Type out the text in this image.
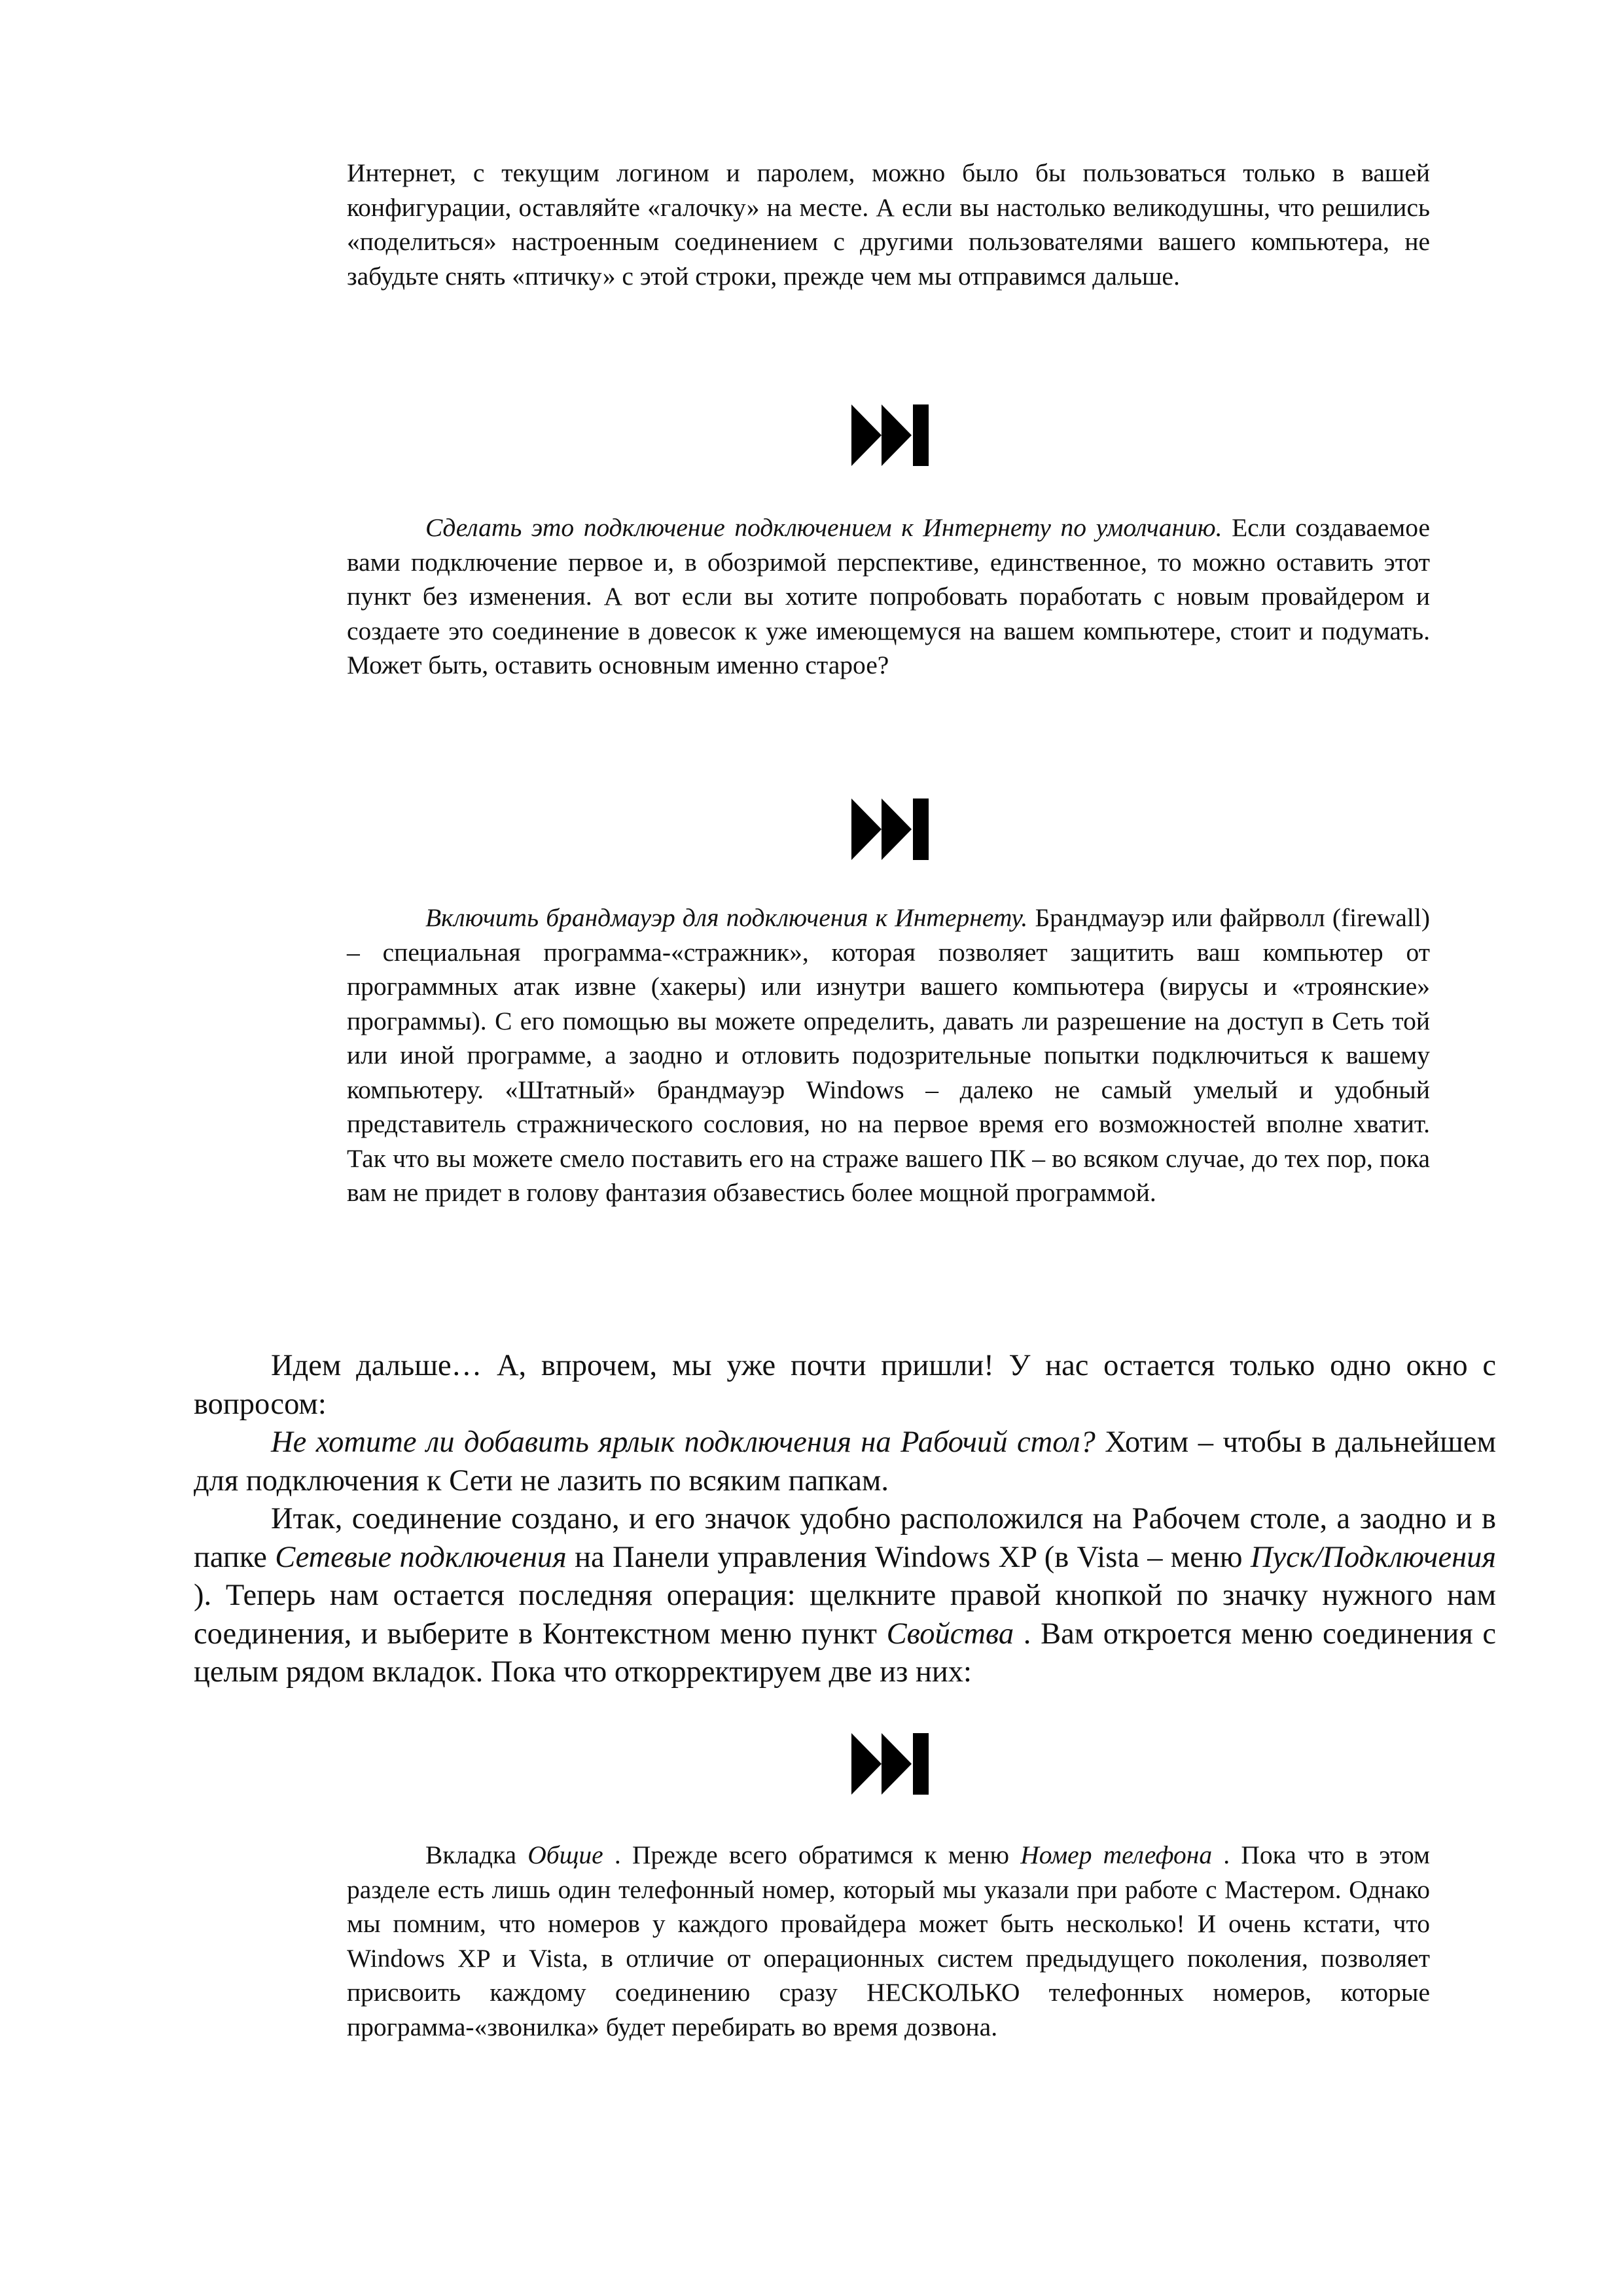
Интернет, с текущим логином и паролем, можно было бы пользоваться только в вашей конфигурации, оставляйте «галочку» на месте. А если вы настолько великодушны, что решились «поделиться» настроенным соединением с другими пользователями вашего компьютера, не забудьте снять «птичку» с этой строки, прежде чем мы отправимся дальше.

Сделать это подключение подключением к Интернету по умолчанию. Если создаваемое вами подключение первое и, в обозримой перспективе, единственное, то можно оставить этот пункт без изменения. А вот если вы хотите попробовать поработать с новым провайдером и создаете это соединение в довесок к уже имеющемуся на вашем компьютере, стоит и подумать. Может быть, оставить основным именно старое?

Включить брандмауэр для подключения к Интернету. Брандмауэр или файрволл (firewall) – специальная программа-«стражник», которая позволяет защитить ваш компьютер от программных атак извне (хакеры) или изнутри вашего компьютера (вирусы и «троянские» программы). С его помощью вы можете определить, давать ли разрешение на доступ в Сеть той или иной программе, а заодно и отловить подозрительные попытки подключиться к вашему компьютеру. «Штатный» брандмауэр Windows – далеко не самый умелый и удобный представитель стражнического сословия, но на первое время его возможностей вполне хватит. Так что вы можете смело поставить его на страже вашего ПК – во всяком случае, до тех пор, пока вам не придет в голову фантазия обзавестись более мощной программой.

Идем дальше… А, впрочем, мы уже почти пришли! У нас остается только одно окно с вопросом:

Не хотите ли добавить ярлык подключения на Рабочий стол? Хотим – чтобы в дальнейшем для подключения к Сети не лазить по всяким папкам.

Итак, соединение создано, и его значок удобно расположился на Рабочем столе, а заодно и в папке Сетевые подключения на Панели управления Windows XP (в Vista – меню Пуск/Подключения ). Теперь нам остается последняя операция: щелкните правой кнопкой по значку нужного нам соединения, и выберите в Контекстном меню пункт Свойства . Вам откроется меню соединения с целым рядом вкладок. Пока что откорректируем две из них:

Вкладка Общие . Прежде всего обратимся к меню Номер телефона . Пока что в этом разделе есть лишь один телефонный номер, который мы указали при работе с Мастером. Однако мы помним, что номеров у каждого провайдера может быть несколько! И очень кстати, что Windows XP и Vista, в отличие от операционных систем предыдущего поколения, позволяет присвоить каждому соединению сразу НЕСКОЛЬКО телефонных номеров, которые программа-«звонилка» будет перебирать во время дозвона.
